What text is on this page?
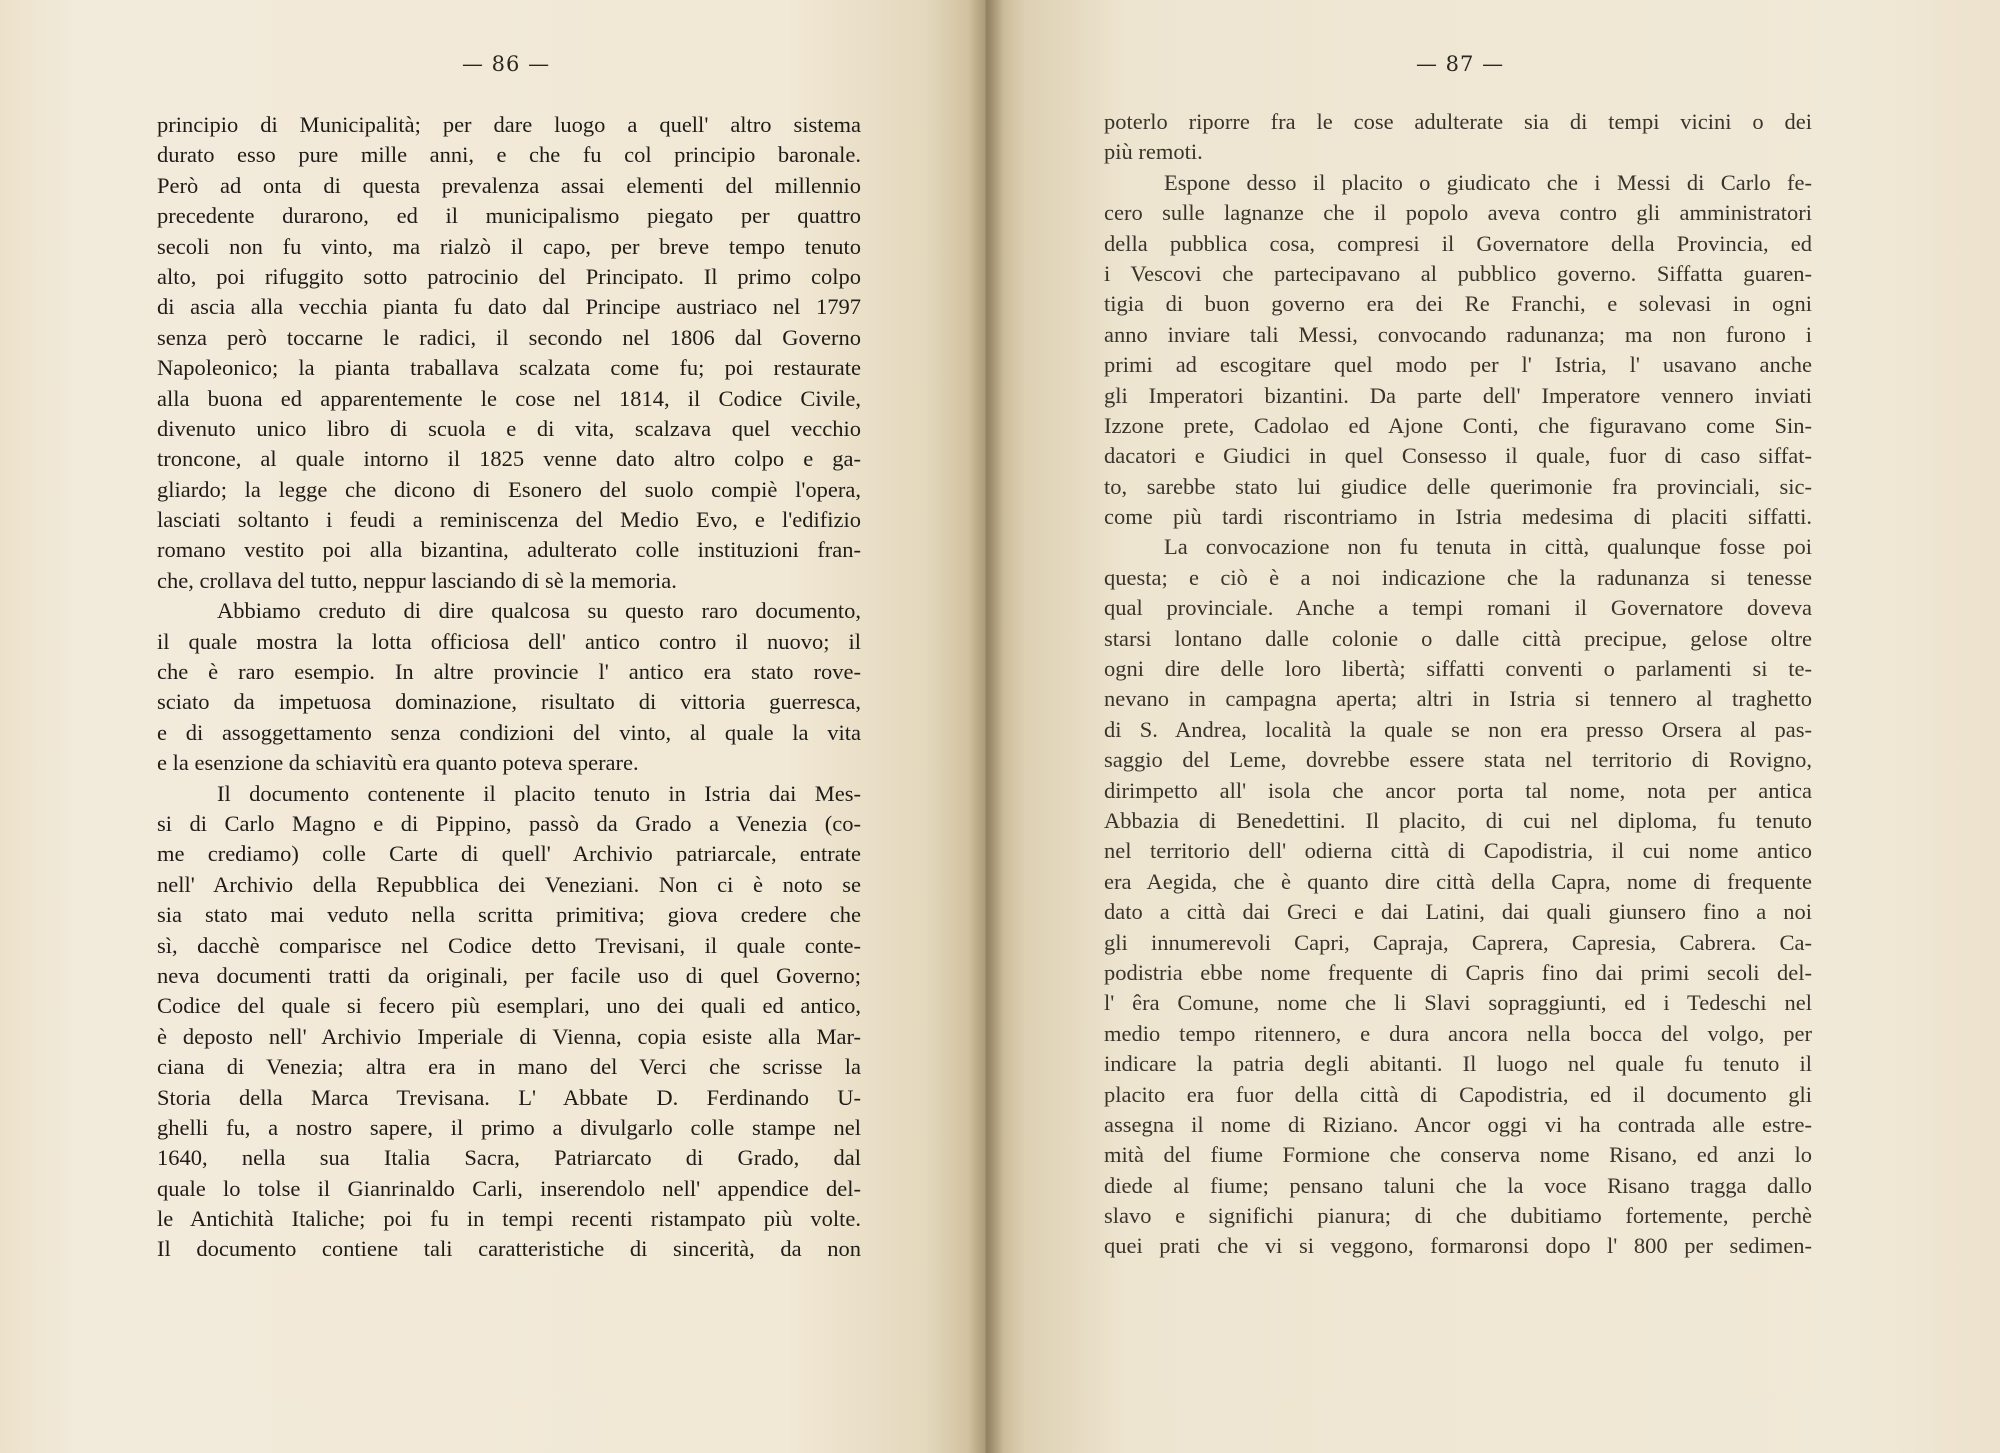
— 86 —
principio di Municipalità; per dare luogo a quell' altro sistema
durato esso pure mille anni, e che fu col principio baronale.
Però ad onta di questa prevalenza assai elementi del millennio
precedente durarono, ed il municipalismo piegato per quattro
secoli non fu vinto, ma rialzò il capo, per breve tempo tenuto
alto, poi rifuggito sotto patrocinio del Principato. Il primo colpo
di ascia alla vecchia pianta fu dato dal Principe austriaco nel 1797
senza però toccarne le radici, il secondo nel 1806 dal Governo
Napoleonico; la pianta traballava scalzata come fu; poi restaurate
alla buona ed apparentemente le cose nel 1814, il Codice Civile,
divenuto unico libro di scuola e di vita, scalzava quel vecchio
troncone, al quale intorno il 1825 venne dato altro colpo e ga-
gliardo; la legge che dicono di Esonero del suolo compiè l'opera,
lasciati soltanto i feudi a reminiscenza del Medio Evo, e l'edifizio
romano vestito poi alla bizantina, adulterato colle instituzioni fran-
che, crollava del tutto, neppur lasciando di sè la memoria.
Abbiamo creduto di dire qualcosa su questo raro documento,
il quale mostra la lotta officiosa dell' antico contro il nuovo; il
che è raro esempio. In altre provincie l' antico era stato rove-
sciato da impetuosa dominazione, risultato di vittoria guerresca,
e di assoggettamento senza condizioni del vinto, al quale la vita
e la esenzione da schiavitù era quanto poteva sperare.
Il documento contenente il placito tenuto in Istria dai Mes-
si di Carlo Magno e di Pippino, passò da Grado a Venezia (co-
me crediamo) colle Carte di quell' Archivio patriarcale, entrate
nell' Archivio della Repubblica dei Veneziani. Non ci è noto se
sia stato mai veduto nella scritta primitiva; giova credere che
sì, dacchè comparisce nel Codice detto Trevisani, il quale conte-
neva documenti tratti da originali, per facile uso di quel Governo;
Codice del quale si fecero più esemplari, uno dei quali ed antico,
è deposto nell' Archivio Imperiale di Vienna, copia esiste alla Mar-
ciana di Venezia; altra era in mano del Verci che scrisse la
Storia della Marca Trevisana. L' Abbate D. Ferdinando U-
ghelli fu, a nostro sapere, il primo a divulgarlo colle stampe nel
1640, nella sua Italia Sacra, Patriarcato di Grado, dal
quale lo tolse il Gianrinaldo Carli, inserendolo nell' appendice del-
le Antichità Italiche; poi fu in tempi recenti ristampato più volte.
Il documento contiene tali caratteristiche di sincerità, da non
— 87 —
poterlo riporre fra le cose adulterate sia di tempi vicini o dei
più remoti.
Espone desso il placito o giudicato che i Messi di Carlo fe-
cero sulle lagnanze che il popolo aveva contro gli amministratori
della pubblica cosa, compresi il Governatore della Provincia, ed
i Vescovi che partecipavano al pubblico governo. Siffatta guaren-
tigia di buon governo era dei Re Franchi, e solevasi in ogni
anno inviare tali Messi, convocando radunanza; ma non furono i
primi ad escogitare quel modo per l' Istria, l' usavano anche
gli Imperatori bizantini. Da parte dell' Imperatore vennero inviati
Izzone prete, Cadolao ed Ajone Conti, che figuravano come Sin-
dacatori e Giudici in quel Consesso il quale, fuor di caso siffat-
to, sarebbe stato lui giudice delle querimonie fra provinciali, sic-
come più tardi riscontriamo in Istria medesima di placiti siffatti.
La convocazione non fu tenuta in città, qualunque fosse poi
questa; e ciò è a noi indicazione che la radunanza si tenesse
qual provinciale. Anche a tempi romani il Governatore doveva
starsi lontano dalle colonie o dalle città precipue, gelose oltre
ogni dire delle loro libertà; siffatti conventi o parlamenti si te-
nevano in campagna aperta; altri in Istria si tennero al traghetto
di S. Andrea, località la quale se non era presso Orsera al pas-
saggio del Leme, dovrebbe essere stata nel territorio di Rovigno,
dirimpetto all' isola che ancor porta tal nome, nota per antica
Abbazia di Benedettini. Il placito, di cui nel diploma, fu tenuto
nel territorio dell' odierna città di Capodistria, il cui nome antico
era Aegida, che è quanto dire città della Capra, nome di frequente
dato a città dai Greci e dai Latini, dai quali giunsero fino a noi
gli innumerevoli Capri, Capraja, Caprera, Capresia, Cabrera. Ca-
podistria ebbe nome frequente di Capris fino dai primi secoli del-
l' êra Comune, nome che li Slavi sopraggiunti, ed i Tedeschi nel
medio tempo ritennero, e dura ancora nella bocca del volgo, per
indicare la patria degli abitanti. Il luogo nel quale fu tenuto il
placito era fuor della città di Capodistria, ed il documento gli
assegna il nome di Riziano. Ancor oggi vi ha contrada alle estre-
mità del fiume Formione che conserva nome Risano, ed anzi lo
diede al fiume; pensano taluni che la voce Risano tragga dallo
slavo e significhi pianura; di che dubitiamo fortemente, perchè
quei prati che vi si veggono, formaronsi dopo l' 800 per sedimen-
